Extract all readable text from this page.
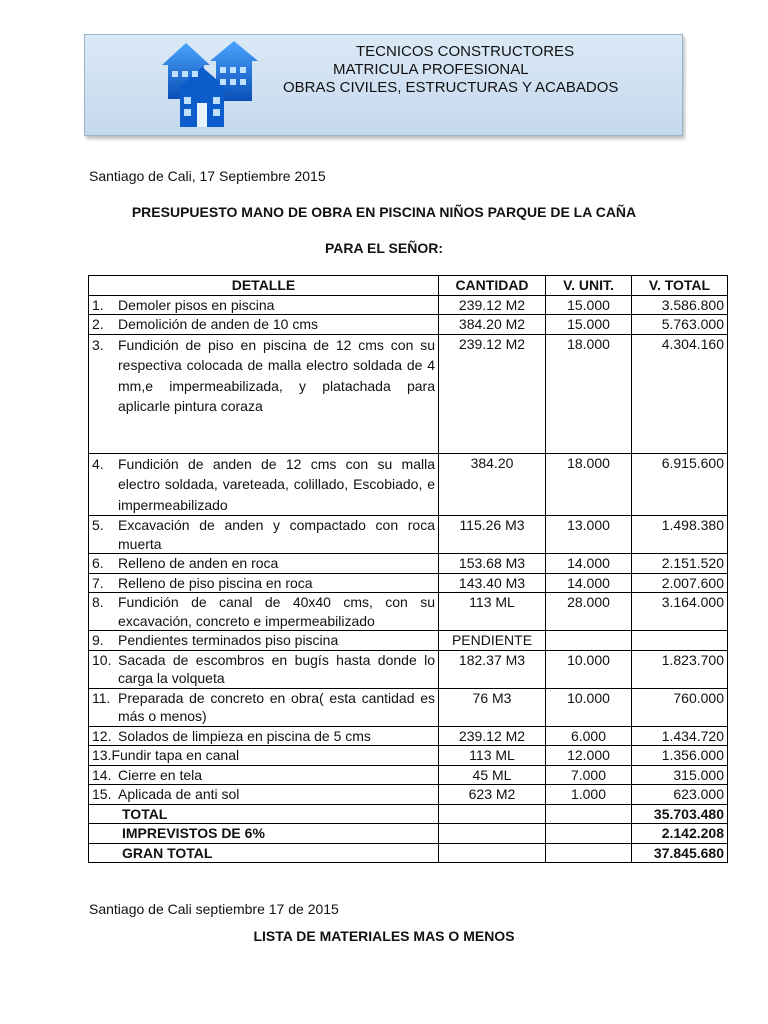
TECNICOS CONSTRUCTORES
MATRICULA PROFESIONAL
OBRAS CIVILES, ESTRUCTURAS Y ACABADOS
Santiago de Cali, 17 Septiembre 2015
PRESUPUESTO MANO DE OBRA EN PISCINA NIÑOS PARQUE DE LA CAÑA
PARA EL SEÑOR:
DETALLE	CANTIDAD	V. UNIT.	V. TOTAL

1. Demoler pisos en piscina	239.12 M2	15.000	3.586.800

2. Demolición de anden de 10 cms	384.20 M2	15.000	5.763.000

3. Fundición de piso en piscina de 12 cms con su respectiva colocada de malla electro soldada de 4 mm,e impermeabilizada, y platachada para aplicarle pintura coraza	239.12 M2	18.000	4.304.160

4. Fundición de anden de 12 cms con su malla electro soldada, vareteada, colillado, Escobiado, e impermeabilizado	384.20	18.000	6.915.600

5. Excavación de anden y compactado con roca muerta	115.26 M3	13.000	1.498.380

6. Relleno de anden en roca	153.68 M3	14.000	2.151.520

7. Relleno de piso piscina en roca	143.40 M3	14.000	2.007.600

8. Fundición de canal de 40x40 cms, con su excavación, concreto e impermeabilizado	113 ML	28.000	3.164.000

9. Pendientes terminados piso piscina	PENDIENTE		

10. Sacada de escombros en bugís hasta donde lo carga la volqueta	182.37 M3	10.000	1.823.700

11. Preparada de concreto en obra( esta cantidad es más o menos)	76 M3	10.000	760.000

12. Solados de limpieza en piscina de 5 cms	239.12 M2	6.000	1.434.720
13.Fundir tapa en canal	113 ML	12.000	1.356.000

14. Cierre en tela	45 ML	7.000	315.000

15. Aplicada de anti sol	623 M2	1.000	623.000
TOTAL			35.703.480
IMPREVISTOS DE 6%			2.142.208
GRAN TOTAL			37.845.680
Santiago de Cali septiembre 17 de 2015
LISTA DE MATERIALES MAS O MENOS
